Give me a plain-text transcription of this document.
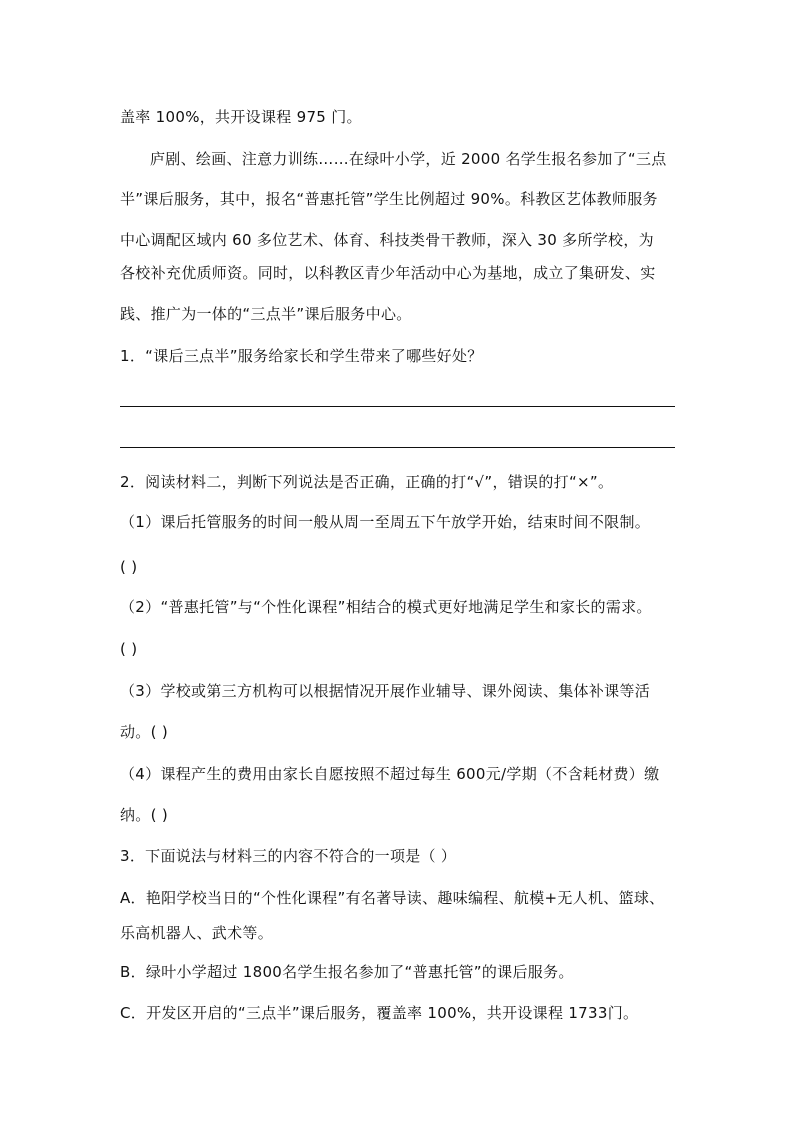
盖率 100%，共开设课程 975 门。
庐剧、绘画、注意力训练……在绿叶小学，近 2000 名学生报名参加了“三点
半”课后服务，其中，报名“普惠托管”学生比例超过 90%。科教区艺体教师服务
中心调配区域内 60 多位艺术、体育、科技类骨干教师，深入 30 多所学校，为
各校补充优质师资。同时，以科教区青少年活动中心为基地，成立了集研发、实
践、推广为一体的“三点半”课后服务中心。
1．“课后三点半”服务给家长和学生带来了哪些好处？
2．阅读材料二，判断下列说法是否正确，正确的打“√”，错误的打“×”。
（1）课后托管服务的时间一般从周一至周五下午放学开始，结束时间不限制。
( )
（2）“普惠托管”与“个性化课程”相结合的模式更好地满足学生和家长的需求。
( )
（3）学校或第三方机构可以根据情况开展作业辅导、课外阅读、集体补课等活
动。( )
（4）课程产生的费用由家长自愿按照不超过每生 600元/学期（不含耗材费）缴
纳。( )
3．下面说法与材料三的内容不符合的一项是（ ）
A．艳阳学校当日的“个性化课程”有名著导读、趣味编程、航模+无人机、篮球、
乐高机器人、武术等。
B．绿叶小学超过 1800名学生报名参加了“普惠托管”的课后服务。
C．开发区开启的“三点半”课后服务，覆盖率 100%，共开设课程 1733门。
